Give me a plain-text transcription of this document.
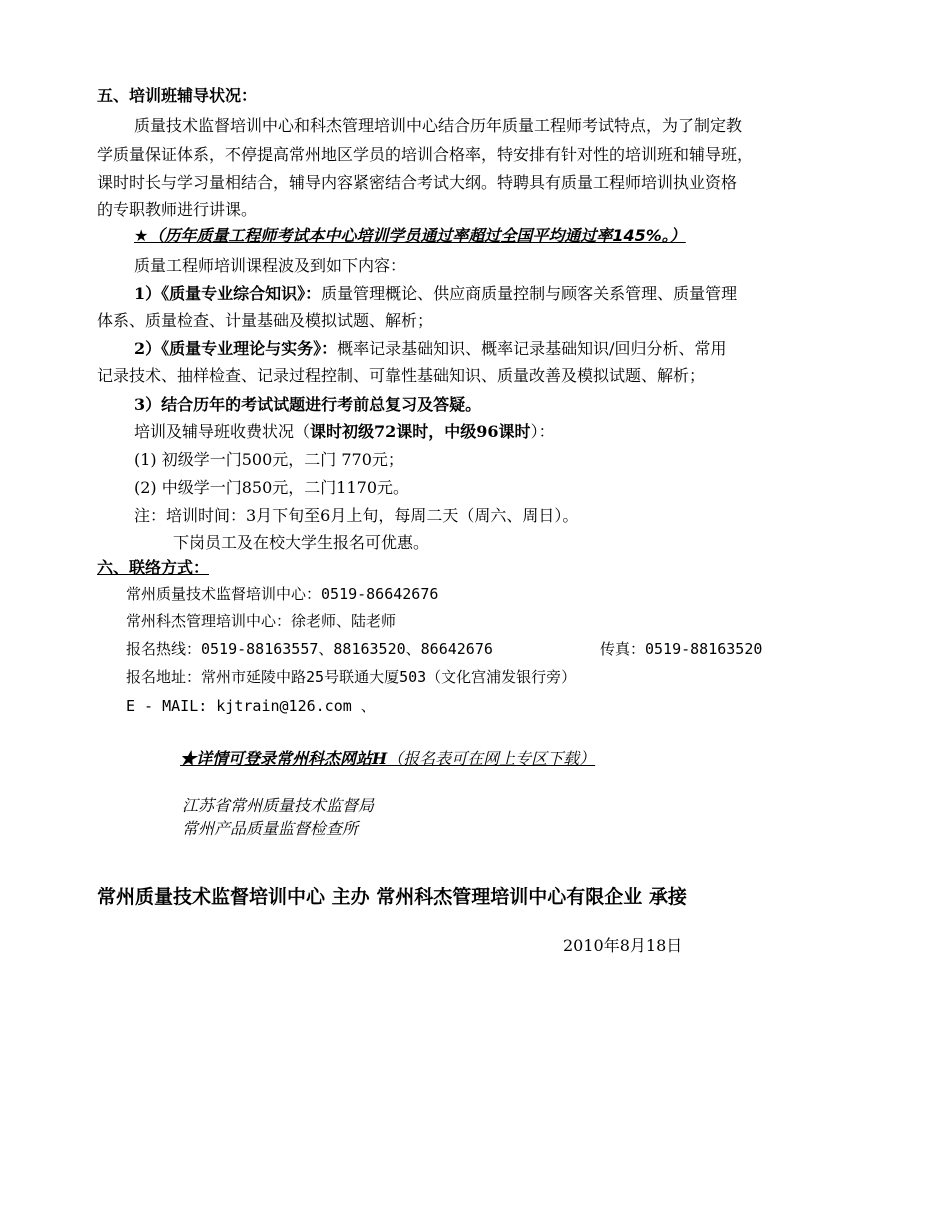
五、培训班辅导状况：
质量技术监督培训中心和科杰管理培训中心结合历年质量工程师考试特点，为了制定教
学质量保证体系，不停提高常州地区学员的培训合格率，特安排有针对性的培训班和辅导班，
课时时长与学习量相结合，辅导内容紧密结合考试大纲。特聘具有质量工程师培训执业资格
的专职教师进行讲课。
★（历年质量工程师考试本中心培训学员通过率超过全国平均通过率145%。）
质量工程师培训课程波及到如下内容：
1）《质量专业综合知识》：质量管理概论、供应商质量控制与顾客关系管理、质量管理
体系、质量检查、计量基础及模拟试题、解析；
2）《质量专业理论与实务》：概率记录基础知识、概率记录基础知识/回归分析、常用
记录技术、抽样检查、记录过程控制、可靠性基础知识、质量改善及模拟试题、解析；
3）结合历年的考试试题进行考前总复习及答疑。
培训及辅导班收费状况（课时初级72课时，中级96课时）：
(1) 初级学一门500元，二门 770元；
(2) 中级学一门850元，二门1170元。
注：培训时间：3月下旬至6月上旬，每周二天（周六、周日）。
下岗员工及在校大学生报名可优惠。
六、联络方式：
常州质量技术监督培训中心：0519-86642676
常州科杰管理培训中心：徐老师、陆老师
报名热线：0519-88163557、88163520、86642676	传真：0519-88163520
报名地址：常州市延陵中路25号联通大厦503（文化宫浦发银行旁）
E - MAIL: kjtrain@126.com 、
★详情可登录常州科杰网站H（报名表可在网上专区下载）
江苏省常州质量技术监督局
常州产品质量监督检查所
常州质量技术监督培训中心 主办 常州科杰管理培训中心有限企业 承接
2010年8月18日
